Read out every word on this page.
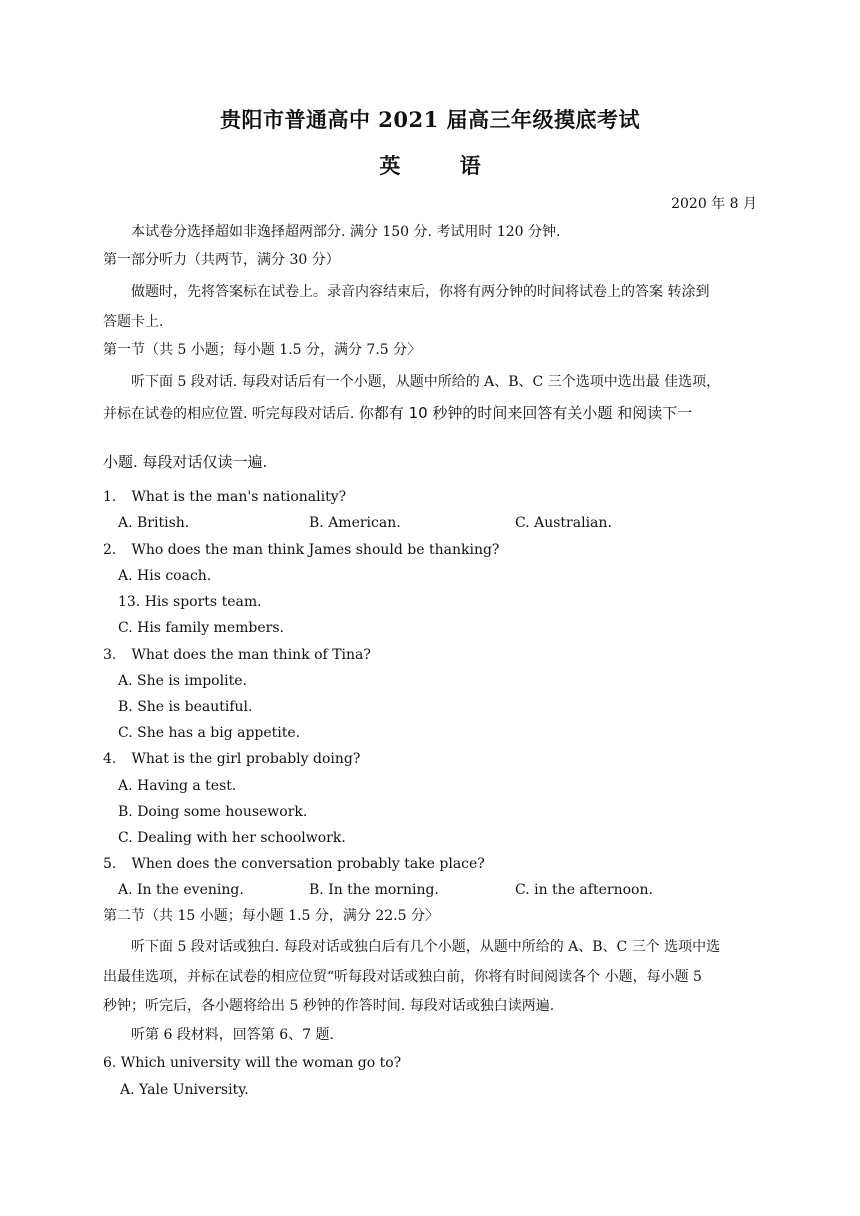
贵阳市普通高中 2021 届高三年级摸底考试
英 语
2020 年 8 月
本试卷分选择超如非逸择超两部分. 满分 150 分. 考试用时 120 分钟.
第一部分听力（共两节，满分 30 分）
做题时，先将答案标在试卷上。录音内容结束后，你将有两分钟的时间将试卷上的答案 转涂到
答题卡上.
第一节（共 5 小题；每小题 1.5 分，满分 7.5 分〉
听下面 5 段对话. 每段对话后有一个小题，从题中所给的 A、B、C 三个选项中选出最 佳选项，
并标在试卷的相应位置. 听完每段对话后. 你都有 10 秒钟的时间来回答有关小题 和阅读下一
小题. 每段对话仅读一遍.
1. What is the man's nationality?
A. British.	B. American.	C. Australian.
2. Who does the man think James should be thanking?
A. His coach.
13. His sports team.
C. His family members.
3. What does the man think of Tina?
A. She is impolite.
B. She is beautiful.
C. She has a big appetite.
4. What is the girl probably doing?
A. Having a test.
B. Doing some housework.
C. Dealing with her schoolwork.
5. When does the conversation probably take place?
A. In the evening.	B. In the morning.	C. in the afternoon.
第二节（共 15 小题；每小题 1.5 分，满分 22.5 分〉
听下面 5 段对话或独白. 每段对话或独白后有几个小题，从题中所给的 A、B、C 三个 选项中选
出最佳选项，并标在试卷的相应位贸“听每段对话或独白前，你将有时间阅读各个 小题，每小题 5
秒钟；听完后，各小题将给出 5 秒钟的作答时间. 每段对话或独白读两遍.
听第 6 段材料，回答第 6、7 题.
6. Which university will the woman go to?
A. Yale University.
